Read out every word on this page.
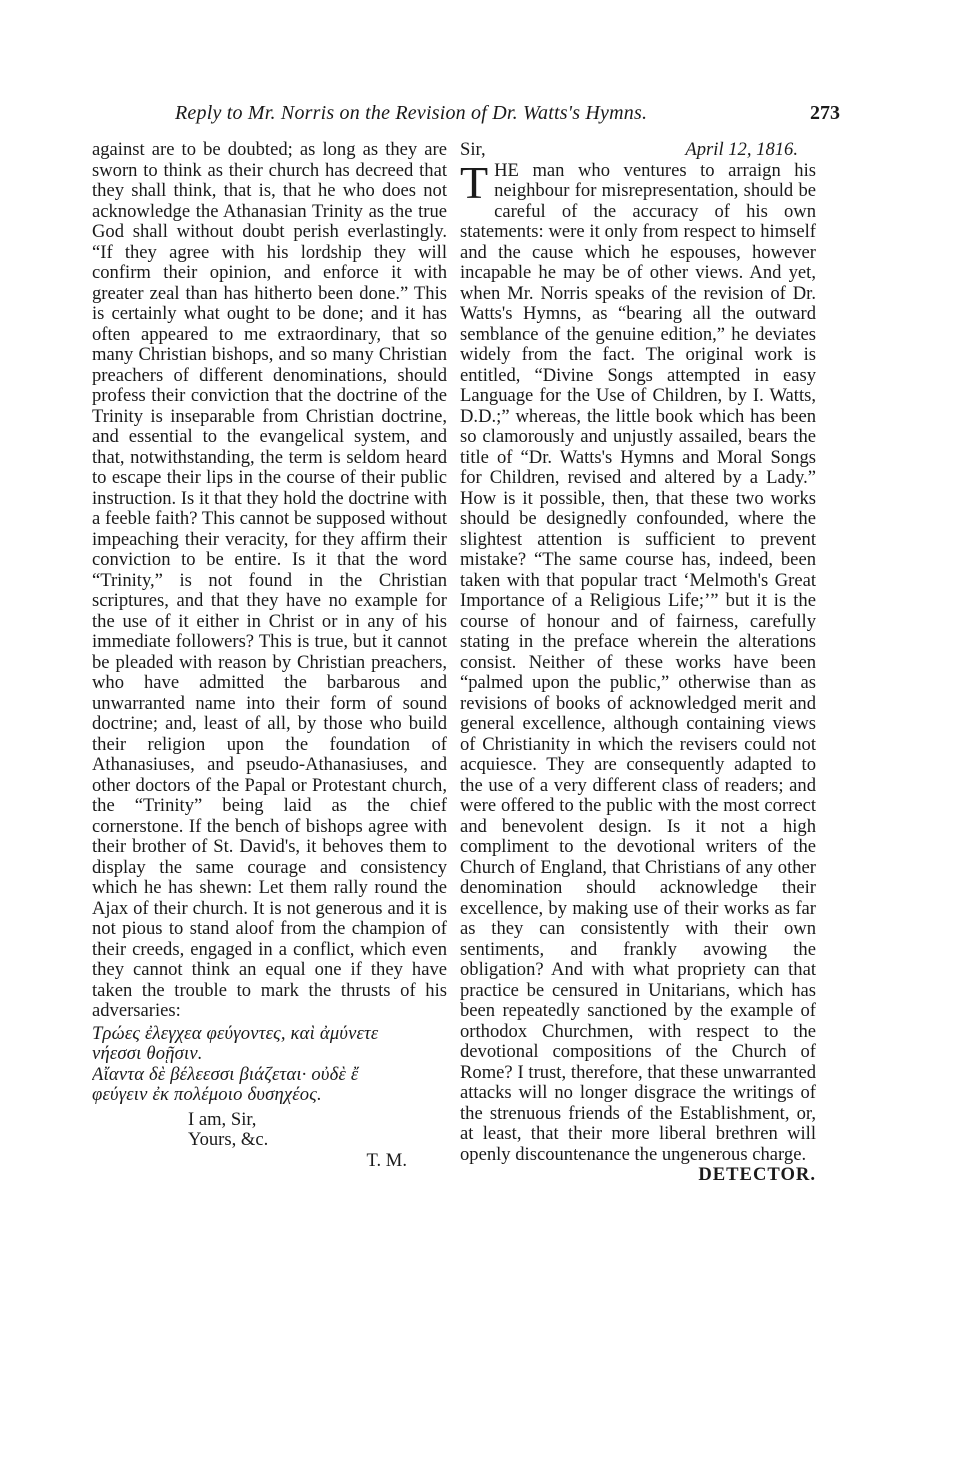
Reply to Mr. Norris on the Revision of Dr. Watts's Hymns.	273

against are to be doubted; as long as they are sworn to think as their church has decreed that they shall think, that is, that he who does not acknowledge the Athanasian Trinity as the true God shall without doubt perish everlastingly. “If they agree with his lordship they will confirm their opinion, and enforce it with greater zeal than has hitherto been done.” This is certainly what ought to be done; and it has often appeared to me extraordinary, that so many Christian bishops, and so many Christian preachers of different denominations, should profess their conviction that the doctrine of the Trinity is inseparable from Christian doctrine, and essential to the evangelical system, and that, notwithstanding, the term is seldom heard to escape their lips in the course of their public instruction. Is it that they hold the doctrine with a feeble faith? This cannot be supposed without impeaching their veracity, for they affirm their conviction to be entire. Is it that the word “Trinity,” is not found in the Christian scriptures, and that they have no example for the use of it either in Christ or in any of his immediate followers? This is true, but it cannot be pleaded with reason by Christian preachers, who have admitted the barbarous and unwarranted name into their form of sound doctrine; and, least of all, by those who build their religion upon the foundation of Athanasiuses, and pseudo-Athanasiuses, and other doctors of the Papal or Protestant church, the “Trinity” being laid as the chief cornerstone. If the bench of bishops agree with their brother of St. David's, it behoves them to display the same courage and consistency which he has shewn: Let them rally round the Ajax of their church. It is not generous and it is not pious to stand aloof from the champion of their creeds, engaged in a conflict, which even they cannot think an equal one if they have taken the trouble to mark the thrusts of his adversaries:

Τρώες ἐλεγχεα φεύγοντες, καὶ ἀμύνετε
νήεσσι θοῇσιν.
Αἴαντα δὲ βέλεεσσι βιάζεται· οὐδὲ ἔ
φεύγειν ἐκ πολέμοιο δυσηχέος.
I am, Sir,
Yours, &c.
T. M.
Sir,	April 12, 1816.

THE man who ventures to arraign his neighbour for misrepresentation, should be careful of the accuracy of his own statements: were it only from respect to himself and the cause which he espouses, however incapable he may be of other views. And yet, when Mr. Norris speaks of the revision of Dr. Watts's Hymns, as “bearing all the outward semblance of the genuine edition,” he deviates widely from the fact. The original work is entitled, “Divine Songs attempted in easy Language for the Use of Children, by I. Watts, D.D.;” whereas, the little book which has been so clamorously and unjustly assailed, bears the title of “Dr. Watts's Hymns and Moral Songs for Children, revised and altered by a Lady.” How is it possible, then, that these two works should be designedly confounded, where the slightest attention is sufficient to prevent mistake? “The same course has, indeed, been taken with that popular tract ‘Melmoth's Great Importance of a Religious Life;’” but it is the course of honour and of fairness, carefully stating in the preface wherein the alterations consist. Neither of these works have been “palmed upon the public,” otherwise than as revisions of books of acknowledged merit and general excellence, although containing views of Christianity in which the revisers could not acquiesce. They are consequently adapted to the use of a very different class of readers; and were offered to the public with the most correct and benevolent design. Is it not a high compliment to the devotional writers of the Church of England, that Christians of any other denomination should acknowledge their excellence, by making use of their works as far as they can consistently with their own sentiments, and frankly avowing the obligation? And with what propriety can that practice be censured in Unitarians, which has been repeatedly sanctioned by the example of orthodox Churchmen, with respect to the devotional compositions of the Church of Rome? I trust, therefore, that these unwarranted attacks will no longer disgrace the writings of the strenuous friends of the Establishment, or, at least, that their more liberal brethren will openly discountenance the ungenerous charge.

DETECTOR.
